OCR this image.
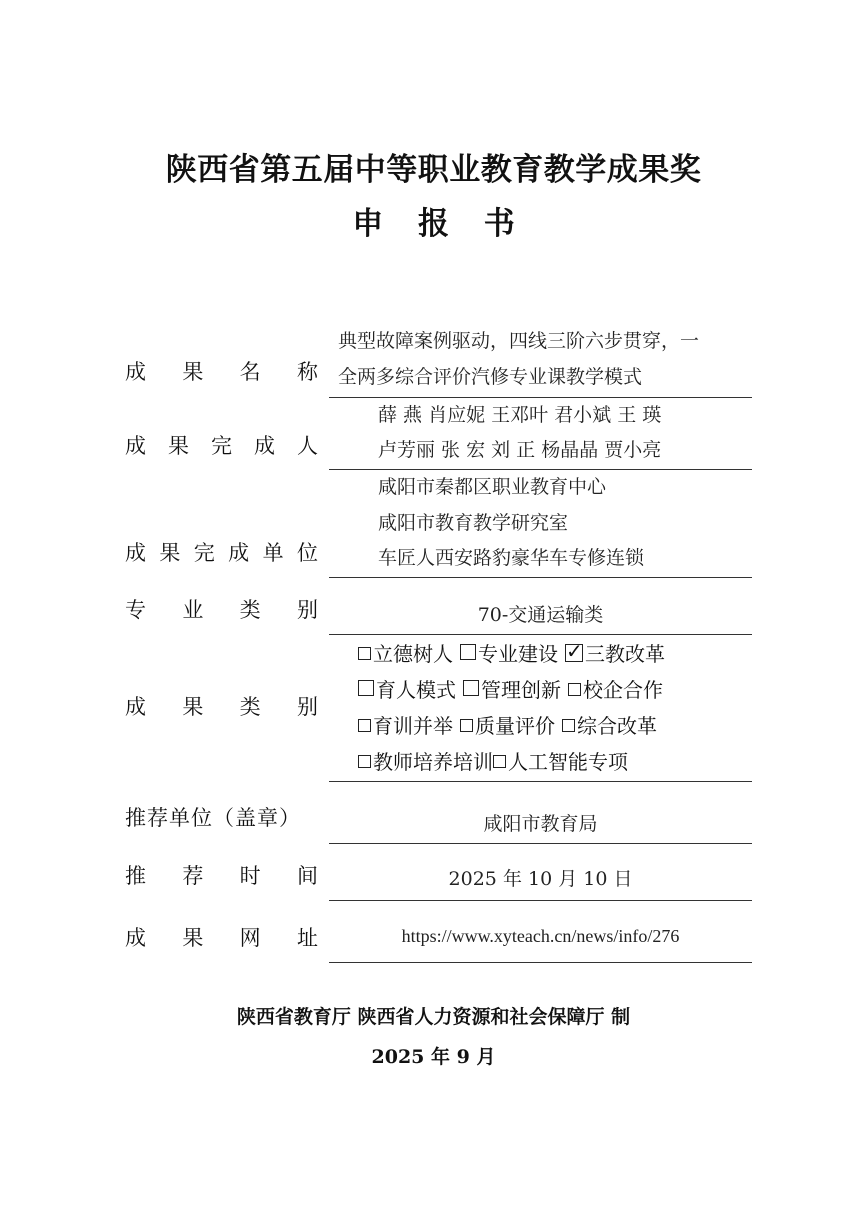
陕西省第五届中等职业教育教学成果奖
申 报 书
成 果 名 称
典型故障案例驱动，四线三阶六步贯穿，一
全两多综合评价汽修专业课教学模式
成 果 完 成 人
薛 燕 肖应妮 王邓叶 君小斌 王 瑛
卢芳丽 张 宏 刘 正 杨晶晶 贾小亮
成 果 完 成 单 位
咸阳市秦都区职业教育中心
咸阳市教育教学研究室
车匠人西安路豹豪华车专修连锁
专 业 类 别	70-交通运输类
成 果 类 别
立德树人 专业建设✓ 三教改革
育人模式 管理创新 校企合作
育训并举 质量评价 综合改革
教师培养培训 人工智能专项
推荐单位（盖章）	咸阳市教育局
推 荐 时 间	2025 年 10 月 10 日
成 果 网 址	https://www.xyteach.cn/news/info/276
陕西省教育厅 陕西省人力资源和社会保障厅 制
2025 年 9 月
